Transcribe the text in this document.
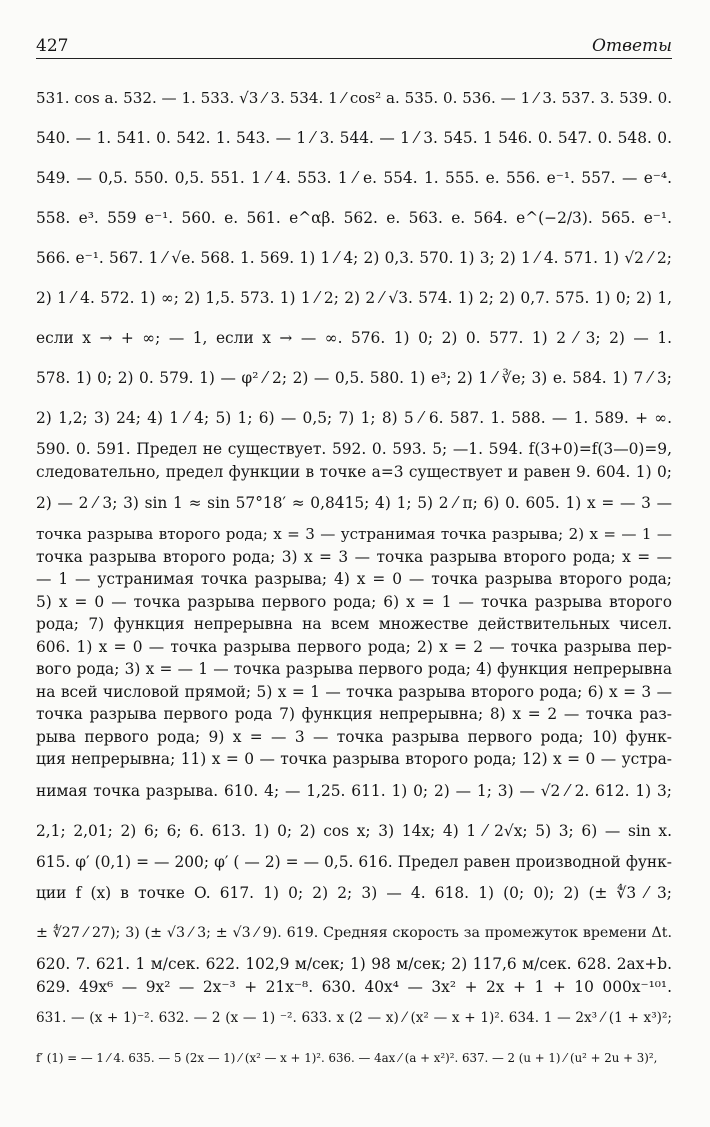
427	Ответы
531. cos a. 532. — 1. 533. √3 ⁄ 3. 534. 1 ⁄ cos² a. 535. 0. 536. — 1 ⁄ 3. 537. 3. 539. 0.
540. — 1. 541. 0. 542. 1. 543. — 1 ⁄ 3. 544. — 1 ⁄ 3. 545. 1 546. 0. 547. 0. 548. 0.
549. — 0,5. 550. 0,5. 551. 1 ⁄ 4. 553. 1 ⁄ e. 554. 1. 555. e. 556. e⁻¹. 557. — e⁻⁴.
558. e³. 559 e⁻¹. 560. e. 561. e^αβ. 562. e. 563. e. 564. e^(−2/3). 565. e⁻¹.
566. e⁻¹. 567. 1 ⁄ √e. 568. 1. 569. 1) 1 ⁄ 4; 2) 0,3. 570. 1) 3; 2) 1 ⁄ 4. 571. 1) √2 ⁄ 2;
2) 1 ⁄ 4. 572. 1) ∞; 2) 1,5. 573. 1) 1 ⁄ 2; 2) 2 ⁄ √3. 574. 1) 2; 2) 0,7. 575. 1) 0; 2) 1,
если x → + ∞; — 1, если x → — ∞. 576. 1) 0; 2) 0. 577. 1) 2 ⁄ 3; 2) — 1.
578. 1) 0; 2) 0. 579. 1) — φ² ⁄ 2; 2) — 0,5. 580. 1) e³; 2) 1 ⁄ ∛e; 3) e. 584. 1) 7 ⁄ 3;
2) 1,2; 3) 24; 4) 1 ⁄ 4; 5) 1; 6) — 0,5; 7) 1; 8) 5 ⁄ 6. 587. 1. 588. — 1. 589. + ∞.
590. 0. 591. Предел не существует. 592. 0. 593. 5; —1. 594. f(3+0)=f(3—0)=9,
следовательно, предел функции в точке a=3 существует и равен 9. 604. 1) 0;
2) — 2 ⁄ 3; 3) sin 1 ≈ sin 57°18′ ≈ 0,8415; 4) 1; 5) 2 ⁄ π; 6) 0. 605. 1) x = — 3 —
точка разрыва второго рода; x = 3 — устранимая точка разрыва; 2) x = — 1 —
точка разрыва второго рода; 3) x = 3 — точка разрыва второго рода; x = —
— 1 — устранимая точка разрыва; 4) x = 0 — точка разрыва второго рода;
5) x = 0 — точка разрыва первого рода; 6) x = 1 — точка разрыва второго
рода; 7) функция непрерывна на всем множестве действительных чисел.
606. 1) x = 0 — точка разрыва первого рода; 2) x = 2 — точка разрыва пер-
вого рода; 3) x = — 1 — точка разрыва первого рода; 4) функция непрерывна
на всей числовой прямой; 5) x = 1 — точка разрыва второго рода; 6) x = 3 —
точка разрыва первого рода 7) функция непрерывна; 8) x = 2 — точка раз-
рыва первого рода; 9) x = — 3 — точка разрыва первого рода; 10) функ-
ция непрерывна; 11) x = 0 — точка разрыва второго рода; 12) x = 0 — устра-
нимая точка разрыва. 610. 4; — 1,25. 611. 1) 0; 2) — 1; 3) — √2 ⁄ 2. 612. 1) 3;
2,1; 2,01; 2) 6; 6; 6. 613. 1) 0; 2) cos x; 3) 14x; 4) 1 ⁄ 2√x; 5) 3; 6) — sin x.
615. φ′ (0,1) = — 200; φ′ ( — 2) = — 0,5. 616. Предел равен производной функ-
ции f (x) в точке O. 617. 1) 0; 2) 2; 3) — 4. 618. 1) (0; 0); 2) (± ∜3 ⁄ 3;
± ∜27 ⁄ 27); 3) (± √3 ⁄ 3; ± √3 ⁄ 9). 619. Средняя скорость за промежуток времени Δt.
620. 7. 621. 1 м/сек. 622. 102,9 м/сек; 1) 98 м/сек; 2) 117,6 м/сек. 628. 2ax+b.
629. 49x⁶ — 9x² — 2x⁻³ + 21x⁻⁸. 630. 40x⁴ — 3x² + 2x + 1 + 10 000x⁻¹⁰¹.
631. — (x + 1)⁻². 632. — 2 (x — 1) ⁻². 633. x (2 — x) ⁄ (x² — x + 1)². 634. 1 — 2x³ ⁄ (1 + x³)²;
f′ (1) = — 1 ⁄ 4. 635. — 5 (2x — 1) ⁄ (x² — x + 1)². 636. — 4ax ⁄ (a + x²)². 637. — 2 (u + 1) ⁄ (u² + 2u + 3)²,
